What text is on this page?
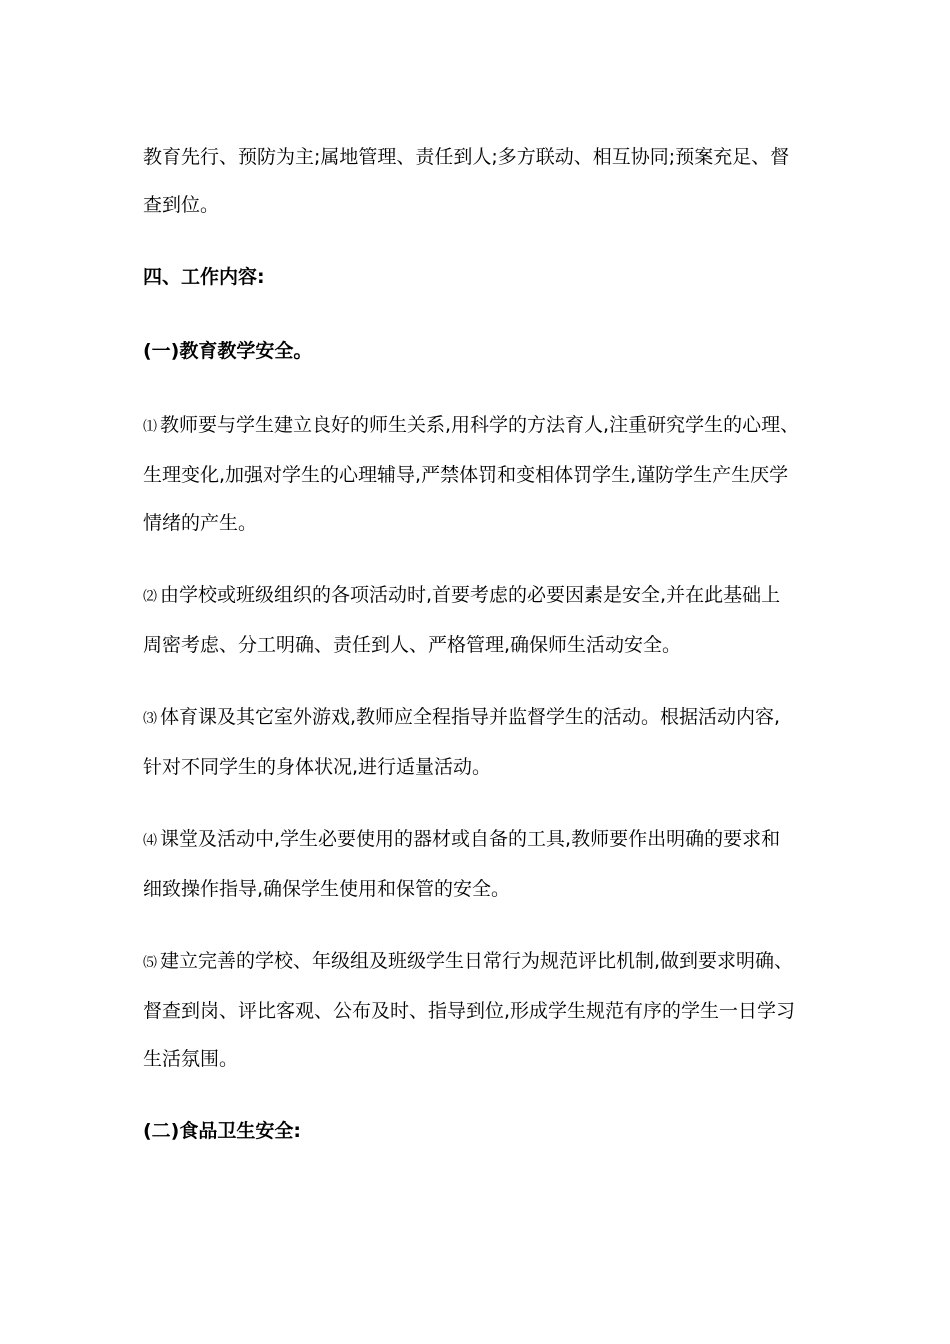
教育先行、预防为主;属地管理、责任到人;多方联动、相互协同;预案充足、督
查到位。

四、工作内容:

(一)教育教学安全。

⑴ 教师要与学生建立良好的师生关系,用科学的方法育人,注重研究学生的心理、
生理变化,加强对学生的心理辅导,严禁体罚和变相体罚学生,谨防学生产生厌学
情绪的产生。

⑵ 由学校或班级组织的各项活动时,首要考虑的必要因素是安全,并在此基础上
周密考虑、分工明确、责任到人、严格管理,确保师生活动安全。

⑶ 体育课及其它室外游戏,教师应全程指导并监督学生的活动。根据活动内容,
针对不同学生的身体状况,进行适量活动。

⑷ 课堂及活动中,学生必要使用的器材或自备的工具,教师要作出明确的要求和
细致操作指导,确保学生使用和保管的安全。

⑸ 建立完善的学校、年级组及班级学生日常行为规范评比机制,做到要求明确、
督查到岗、评比客观、公布及时、指导到位,形成学生规范有序的学生一日学习
生活氛围。

(二)食品卫生安全:
